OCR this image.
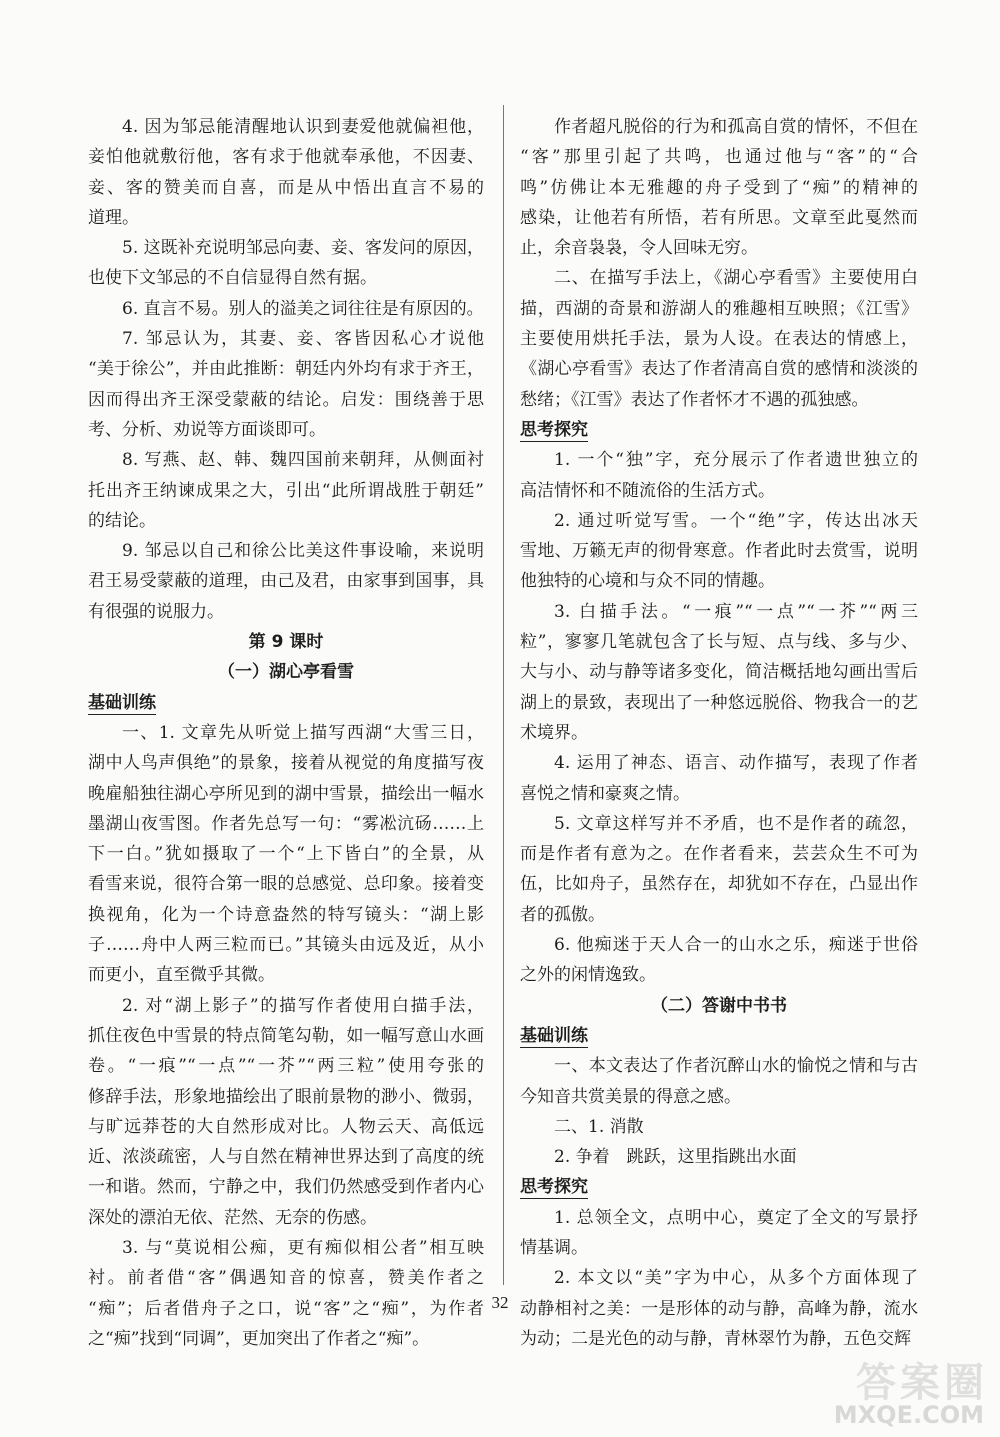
4. 因为邹忌能清醒地认识到妻爱他就偏袒他，
妾怕他就敷衍他，客有求于他就奉承他，不因妻、
妾、客的赞美而自喜，而是从中悟出直言不易的
道理。
5. 这既补充说明邹忌向妻、妾、客发问的原因，
也使下文邹忌的不自信显得自然有据。
6. 直言不易。别人的溢美之词往往是有原因的。
7. 邹忌认为，其妻、妾、客皆因私心才说他
“美于徐公”，并由此推断：朝廷内外均有求于齐王，
因而得出齐王深受蒙蔽的结论。启发：围绕善于思
考、分析、劝说等方面谈即可。
8. 写燕、赵、韩、魏四国前来朝拜，从侧面衬
托出齐王纳谏成果之大，引出“此所谓战胜于朝廷”
的结论。
9. 邹忌以自己和徐公比美这件事设喻，来说明
君王易受蒙蔽的道理，由己及君，由家事到国事，具
有很强的说服力。
第 9 课时
（一）湖心亭看雪
基础训练
一、1. 文章先从听觉上描写西湖“大雪三日，
湖中人鸟声俱绝”的景象，接着从视觉的角度描写夜
晚雇船独往湖心亭所见到的湖中雪景，描绘出一幅水
墨湖山夜雪图。作者先总写一句：“雾凇沆砀……上
下一白。”犹如摄取了一个“上下皆白”的全景，从
看雪来说，很符合第一眼的总感觉、总印象。接着变
换视角，化为一个诗意盎然的特写镜头：“湖上影
子……舟中人两三粒而已。”其镜头由远及近，从小
而更小，直至微乎其微。
2. 对“湖上影子”的描写作者使用白描手法，
抓住夜色中雪景的特点简笔勾勒，如一幅写意山水画
卷。“一痕”“一点”“一芥”“两三粒”使用夸张的
修辞手法，形象地描绘出了眼前景物的渺小、微弱，
与旷远莽苍的大自然形成对比。人物云天、高低远
近、浓淡疏密，人与自然在精神世界达到了高度的统
一和谐。然而，宁静之中，我们仍然感受到作者内心
深处的漂泊无依、茫然、无奈的伤感。
3. 与“莫说相公痴，更有痴似相公者”相互映
衬。前者借“客”偶遇知音的惊喜，赞美作者之
“痴”；后者借舟子之口，说“客”之“痴”，为作者
之“痴”找到“同调”，更加突出了作者之“痴”。
作者超凡脱俗的行为和孤高自赏的情怀，不但在
“客”那里引起了共鸣，也通过他与“客”的“合
鸣”仿佛让本无雅趣的舟子受到了“痴”的精神的
感染，让他若有所悟，若有所思。文章至此戛然而
止，余音袅袅，令人回味无穷。
二、在描写手法上，《湖心亭看雪》主要使用白
描，西湖的奇景和游湖人的雅趣相互映照；《江雪》
主要使用烘托手法，景为人设。在表达的情感上，
《湖心亭看雪》表达了作者清高自赏的感情和淡淡的
愁绪；《江雪》表达了作者怀才不遇的孤独感。
思考探究
1. 一个“独”字，充分展示了作者遗世独立的
高洁情怀和不随流俗的生活方式。
2. 通过听觉写雪。一个“绝”字，传达出冰天
雪地、万籁无声的彻骨寒意。作者此时去赏雪，说明
他独特的心境和与众不同的情趣。
3. 白描手法。“一痕”“一点”“一芥”“两三
粒”，寥寥几笔就包含了长与短、点与线、多与少、
大与小、动与静等诸多变化，简洁概括地勾画出雪后
湖上的景致，表现出了一种悠远脱俗、物我合一的艺
术境界。
4. 运用了神态、语言、动作描写，表现了作者
喜悦之情和豪爽之情。
5. 文章这样写并不矛盾，也不是作者的疏忽，
而是作者有意为之。在作者看来，芸芸众生不可为
伍，比如舟子，虽然存在，却犹如不存在，凸显出作
者的孤傲。
6. 他痴迷于天人合一的山水之乐，痴迷于世俗
之外的闲情逸致。
（二）答谢中书书
基础训练
一、本文表达了作者沉醉山水的愉悦之情和与古
今知音共赏美景的得意之感。
二、1. 消散
2. 争着　跳跃，这里指跳出水面
思考探究
1. 总领全文，点明中心，奠定了全文的写景抒
情基调。
2. 本文以“美”字为中心，从多个方面体现了
动静相衬之美：一是形体的动与静，高峰为静，流水
为动；二是光色的动与静，青林翠竹为静，五色交辉
32
答案圈
MXQE.COM
